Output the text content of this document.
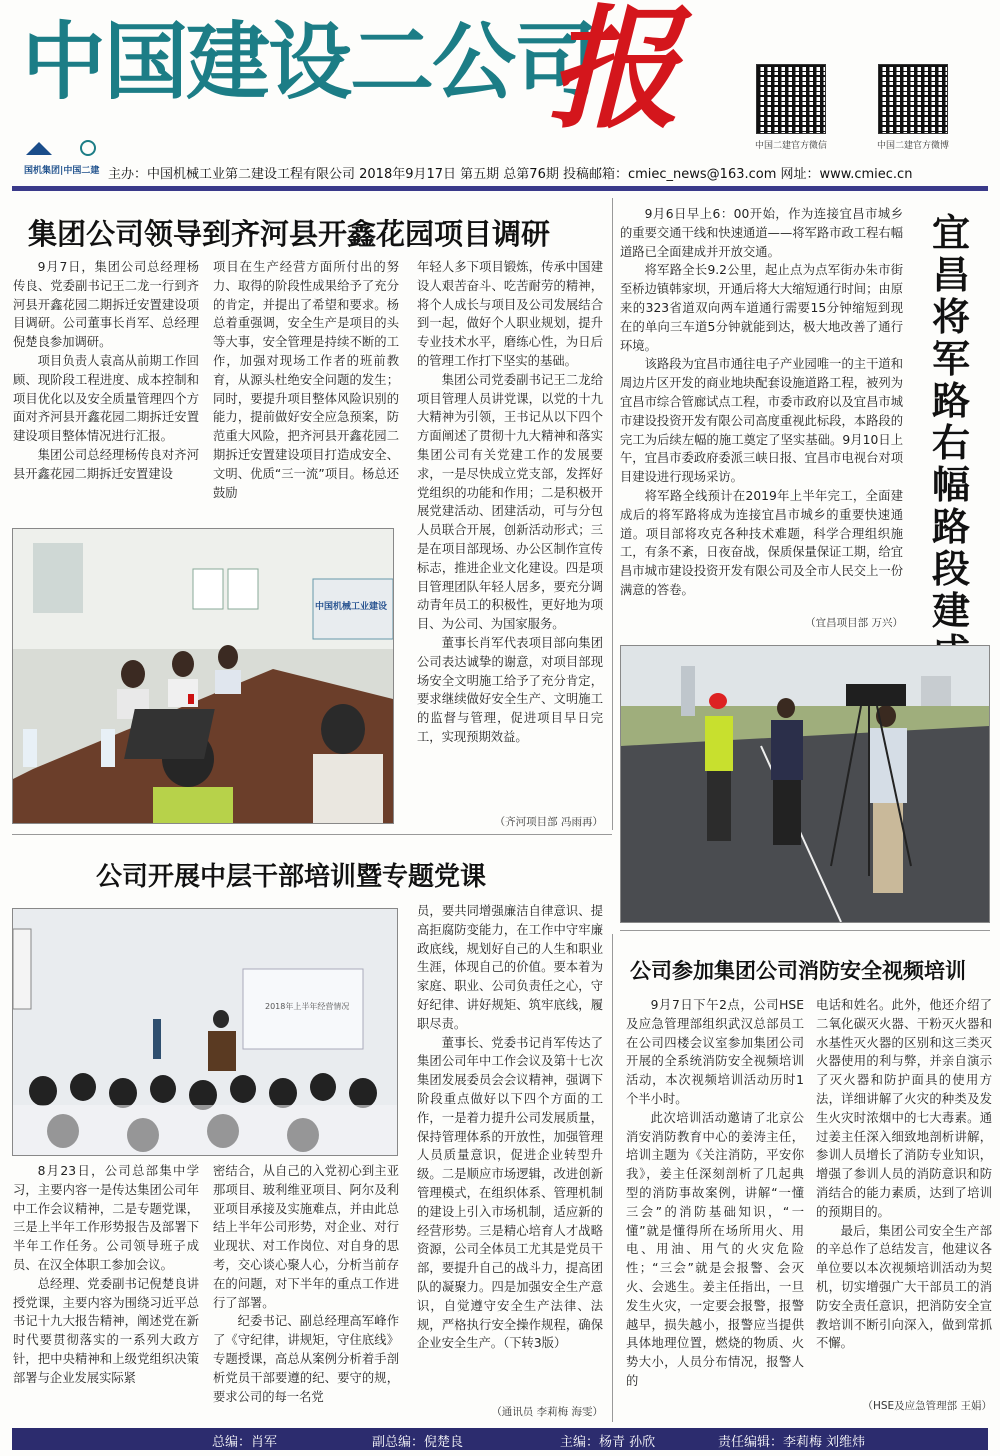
中国建设二公司
报	中国二建官方微信	中国二建官方微博

国机集团|中国二建 主办：中国机械工业第二建设工程有限公司 2018年9月17日 第五期 总第76期 投稿邮箱：cmiec_news@163.com 网址：www.cmiec.cn
集团公司领导到齐河县开鑫花园项目调研

9月7日，集团公司总经理杨传良、党委副书记王二龙一行到齐河县开鑫花园二期拆迁安置建设项目调研。公司董事长肖军、总经理倪楚良参加调研。

项目负责人袁高从前期工作回顾、现阶段工程进度、成本控制和项目优化以及安全质量管理四个方面对齐河县开鑫花园二期拆迁安置建设项目整体情况进行汇报。

集团公司总经理杨传良对齐河县开鑫花园二期拆迁安置建设

项目在生产经营方面所付出的努力、取得的阶段性成果给予了充分的肯定，并提出了希望和要求。杨总着重强调，安全生产是项目的头等大事，安全管理是持续不断的工作，加强对现场工作者的班前教育，从源头杜绝安全问题的发生；同时，要提升项目整体风险识别的能力，提前做好安全应急预案，防范重大风险，把齐河县开鑫花园二期拆迁安置建设项目打造成安全、文明、优质“三一流”项目。杨总还鼓励

年轻人多下项目锻炼，传承中国建设人艰苦奋斗、吃苦耐劳的精神，将个人成长与项目及公司发展结合到一起，做好个人职业规划，提升专业技术水平，磨练心性，为日后的管理工作打下坚实的基础。

集团公司党委副书记王二龙给项目管理人员讲党课，以党的十九大精神为引领，王书记从以下四个方面阐述了贯彻十九大精神和落实集团公司有关党建工作的发展要求，一是尽快成立党支部，发挥好党组织的功能和作用；二是积极开展党建活动、团建活动，可与分包人员联合开展，创新活动形式；三是在项目部现场、办公区制作宣传标志，推进企业文化建设。四是项目管理团队年轻人居多，要充分调动青年员工的积极性，更好地为项目、为公司、为国家服务。

董事长肖军代表项目部向集团公司表达诚挚的谢意，对项目部现场安全文明施工给予了充分肯定，要求继续做好安全生产、文明施工的监督与管理，促进项目早日完工，实现预期效益。

（齐河项目部 冯雨再）
中国机械工业建设

9月6日早上6：00开始，作为连接宜昌市城乡的重要交通干线和快速通道——将军路市政工程右幅道路已全面建成并开放交通。

将军路全长9.2公里，起止点为点军街办朱市街至桥边镇韩家坝，开通后将大大缩短通行时间；由原来的323省道双向两车道通行需要15分钟缩短到现在的单向三车道5分钟就能到达，极大地改善了通行环境。

该路段为宜昌市通往电子产业园唯一的主干道和周边片区开发的商业地块配套设施道路工程，被列为宜昌市综合管廊试点工程，市委市政府以及宜昌市城市建设投资开发有限公司高度重视此标段，本路段的完工为后续左幅的施工奠定了坚实基础。9月10日上午，宜昌市委政府委派三峡日报、宜昌市电视台对项目建设进行现场采访。

将军路全线预计在2019年上半年完工，全面建成后的将军路将成为连接宜昌市城乡的重要快速通道。项目部将攻克各种技术难题，科学合理组织施工，有条不紊，日夜奋战，保质保量保证工期，给宜昌市城市建设投资开发有限公司及全市人民交上一份满意的答卷。

（宜昌项目部 万兴）
宜昌将军路右幅路段建
公司开展中层干部培训暨专题党课
2018年上半年经营情况

8月23日，公司总部集中学习，主要内容一是传达集团公司年中工作会议精神，二是专题党课，三是上半年工作形势报告及部署下半年工作任务。公司领导班子成员、在汉全体职工参加会议。

总经理、党委副书记倪楚良讲授党课，主要内容为围绕习近平总书记十九大报告精神，阐述党在新时代要贯彻落实的一系列大政方针，把中央精神和上级党组织决策部署与企业发展实际紧

密结合，从自己的入党初心到主亚那项目、玻利维亚项目、阿尔及利亚项目承接及实施难点，并由此总结上半年公司形势，对企业、对行业现状、对工作岗位、对自身的思考，交心谈心聚人心，分析当前存在的问题，对下半年的重点工作进行了部署。

纪委书记、副总经理高军峰作了《守纪律，讲规矩，守住底线》专题授课，高总从案例分析着手剖析党员干部要遵的纪、要守的规，要求公司的每一名党

员，要共同增强廉洁自律意识、提高拒腐防变能力，在工作中守牢廉政底线，规划好自己的人生和职业生涯，体现自己的价值。要本着为家庭、职业、公司负责任之心，守好纪律、讲好规矩、筑牢底线，履职尽责。

董事长、党委书记肖军传达了集团公司年中工作会议及第十七次集团发展委员会会议精神，强调下阶段重点做好以下四个方面的工作，一是着力提升公司发展质量，保持管理体系的开放性，加强管理人员质量意识，促进企业转型升级。二是顺应市场逻辑，改进创新管理模式，在组织体系、管理机制的建设上引入市场机制，适应新的经营形势。三是精心培育人才战略资源，公司全体员工尤其是党员干部，要提升自己的战斗力，提高团队的凝聚力。四是加强安全生产意识，自觉遵守安全生产法律、法规，严格执行安全操作规程，确保企业安全生产。（下转3版）

（通讯员 李莉梅 海雯）
公司参加集团公司消防安全视频培训

9月7日下午2点，公司HSE及应急管理部组织武汉总部员工在公司四楼会议室参加集团公司开展的全系统消防安全视频培训活动，本次视频培训活动历时1个半小时。

此次培训活动邀请了北京公消安消防教育中心的姜涛主任，培训主题为《关注消防，平安你我》，姜主任深刻剖析了几起典型的消防事故案例，讲解“一懂三会”的消防基础知识，“一懂”就是懂得所在场所用火、用电、用油、用气的火灾危险性；“三会”就是会报警、会灭火、会逃生。姜主任指出，一旦发生火灾，一定要会报警，报警越早，损失越小，报警应当提供具体地理位置，燃烧的物质、火势大小，人员分布情况，报警人的

电话和姓名。此外，他还介绍了二氧化碳灭火器、干粉灭火器和水基性灭火器的区别和这三类灭火器使用的利与弊，并亲自演示了灭火器和防护面具的使用方法，详细讲解了火灾的种类及发生火灾时浓烟中的七大毒素。通过姜主任深入细致地剖析讲解，参训人员增长了消防专业知识，增强了参训人员的消防意识和防消结合的能力素质，达到了培训的预期目的。

最后，集团公司安全生产部的辛总作了总结发言，他建议各单位要以本次视频培训活动为契机，切实增强广大干部员工的消防安全责任意识，把消防安全宣教培训不断引向深入，做到常抓不懈。

（HSE及应急管理部 王娟）
总编：肖军	副总编：倪楚良	主编：杨青 孙欣	责任编辑：李莉梅 刘维炜
